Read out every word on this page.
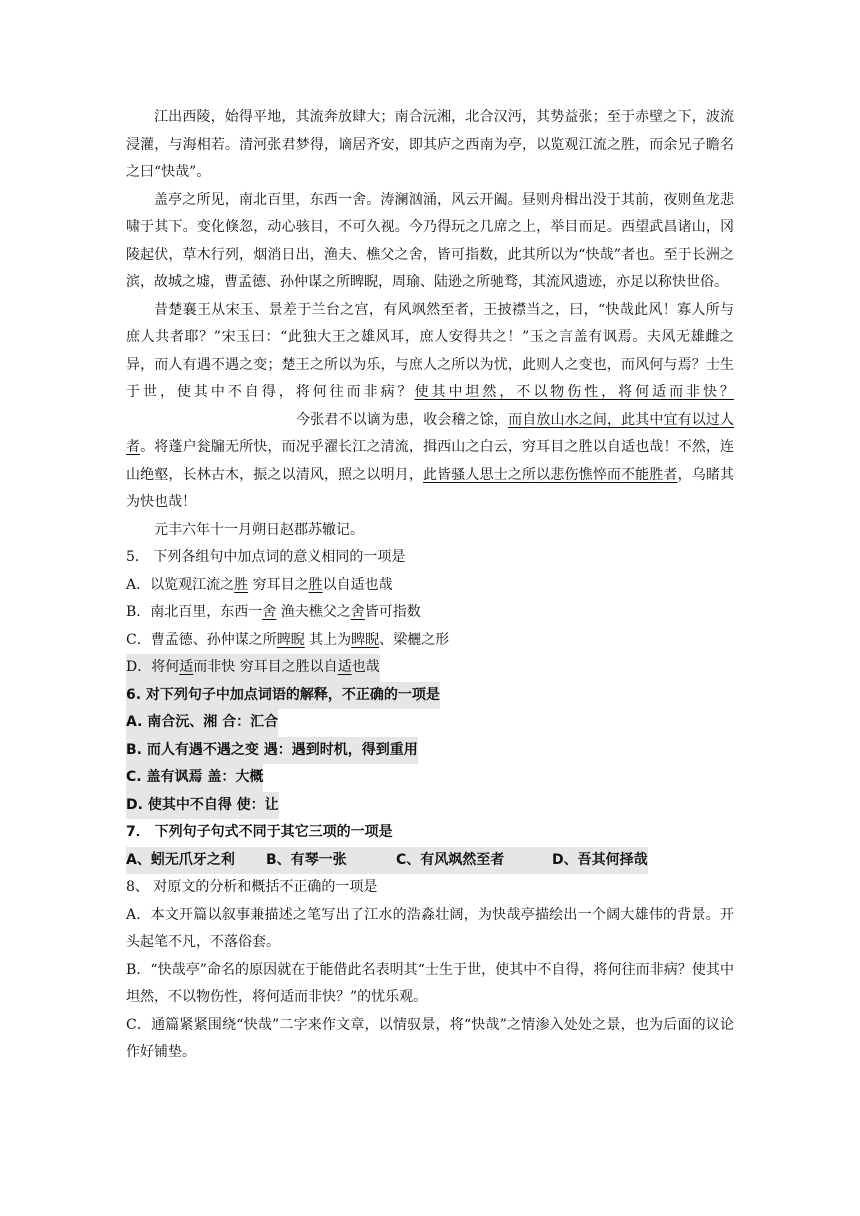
江出西陵，始得平地，其流奔放肆大；南合沅湘，北合汉沔，其势益张；至于赤壁之下，波流浸灌，与海相若。清河张君梦得，谪居齐安，即其庐之西南为亭，以览观江流之胜，而余兄子瞻名之曰“快哉”。

盖亭之所见，南北百里，东西一舍。涛澜汹涌，风云开阖。昼则舟楫出没于其前，夜则鱼龙悲啸于其下。变化倏忽，动心骇目，不可久视。今乃得玩之几席之上，举目而足。西望武昌诸山，冈陵起伏，草木行列，烟消日出，渔夫、樵父之舍，皆可指数，此其所以为“快哉”者也。至于长洲之滨，故城之墟，曹孟德、孙仲谋之所睥睨，周瑜、陆逊之所驰骛，其流风遗迹，亦足以称快世俗。

昔楚襄王从宋玉、景差于兰台之宫，有风飒然至者，王披襟当之，曰，“快哉此风！寡人所与庶人共者耶？”宋玉曰：“此独大王之雄风耳，庶人安得共之！”玉之言盖有讽焉。夫风无雄雌之异，而人有遇不遇之变；楚王之所以为乐，与庶人之所以为忧，此则人之变也，而风何与焉？士生于世，使其中不自得，将何往而非病？使其中坦然，不以物伤性，将何适而非快？今张君不以谪为患，收会稽之馀，而自放山水之间，此其中宜有以过人者。将蓬户瓮牖无所快，而况乎濯长江之清流，揖西山之白云，穷耳目之胜以自适也哉！不然，连山绝壑，长林古木，振之以清风，照之以明月，此皆骚人思士之所以悲伤憔悴而不能胜者，乌睹其为快也哉！

元丰六年十一月朔日赵郡苏辙记。

5． 下列各组句中加点词的意义相同的一项是

A．以览观江流之胜 穷耳目之胜以自适也哉

B．南北百里，东西一舍 渔夫樵父之舍皆可指数

C．曹孟德、孙仲谋之所睥睨 其上为睥睨、梁欐之形

D．将何适而非快 穷耳目之胜以自适也哉

6. 对下列句子中加点词语的解释，不正确的一项是

A. 南合沅、湘 合：汇合

B. 而人有遇不遇之变 遇：遇到时机，得到重用

C. 盖有讽焉 盖：大概

D. 使其中不自得 使：让

7． 下列句子句式不同于其它三项的一项是

A、蚓无爪牙之利 B、有琴一张	C、有风飒然至者	D、吾其何择哉

8、 对原文的分析和概括不正确的一项是

A．本文开篇以叙事兼描述之笔写出了江水的浩淼壮阔，为快哉亭描绘出一个阔大雄伟的背景。开头起笔不凡，不落俗套。

B．“快哉亭”命名的原因就在于能借此名表明其“士生于世，使其中不自得，将何往而非病？使其中坦然，不以物伤性，将何适而非快？”的忧乐观。

C．通篇紧紧围绕“快哉”二字来作文章，以情驭景，将“快哉”之情渗入处处之景，也为后面的议论作好铺垫。
